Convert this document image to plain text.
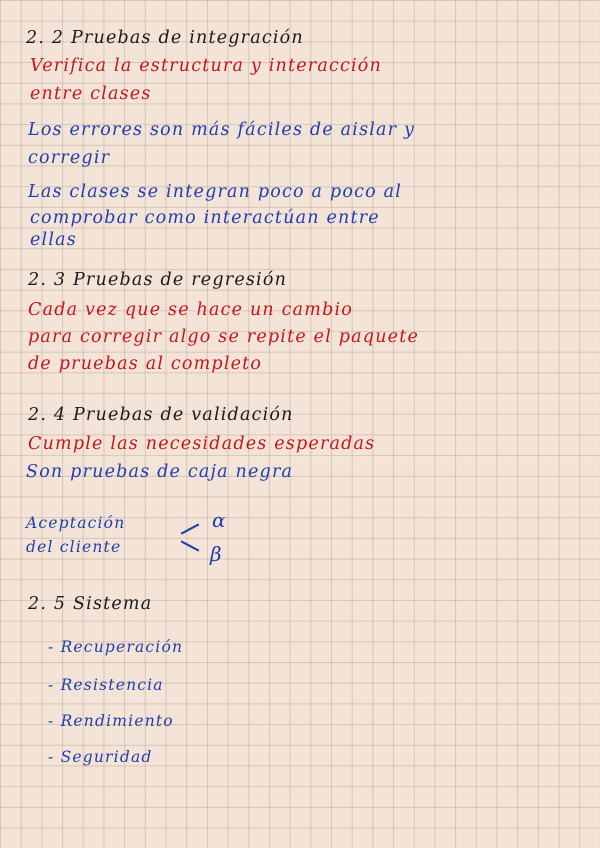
2. 2 Pruebas de integración
Verifica la estructura y interacción
entre clases
Los errores son más fáciles de aislar y
corregir
Las clases se integran poco a poco al
comprobar como interactúan entre
ellas
2. 3 Pruebas de regresión
Cada vez que se hace un cambio
para corregir algo se repite el paquete
de pruebas al completo
2. 4 Pruebas de validación
Cumple las necesidades esperadas
Son pruebas de caja negra
Aceptación
del cliente
α
β
2. 5 Sistema
- Recuperación
- Resistencia
- Rendimiento
- Seguridad
